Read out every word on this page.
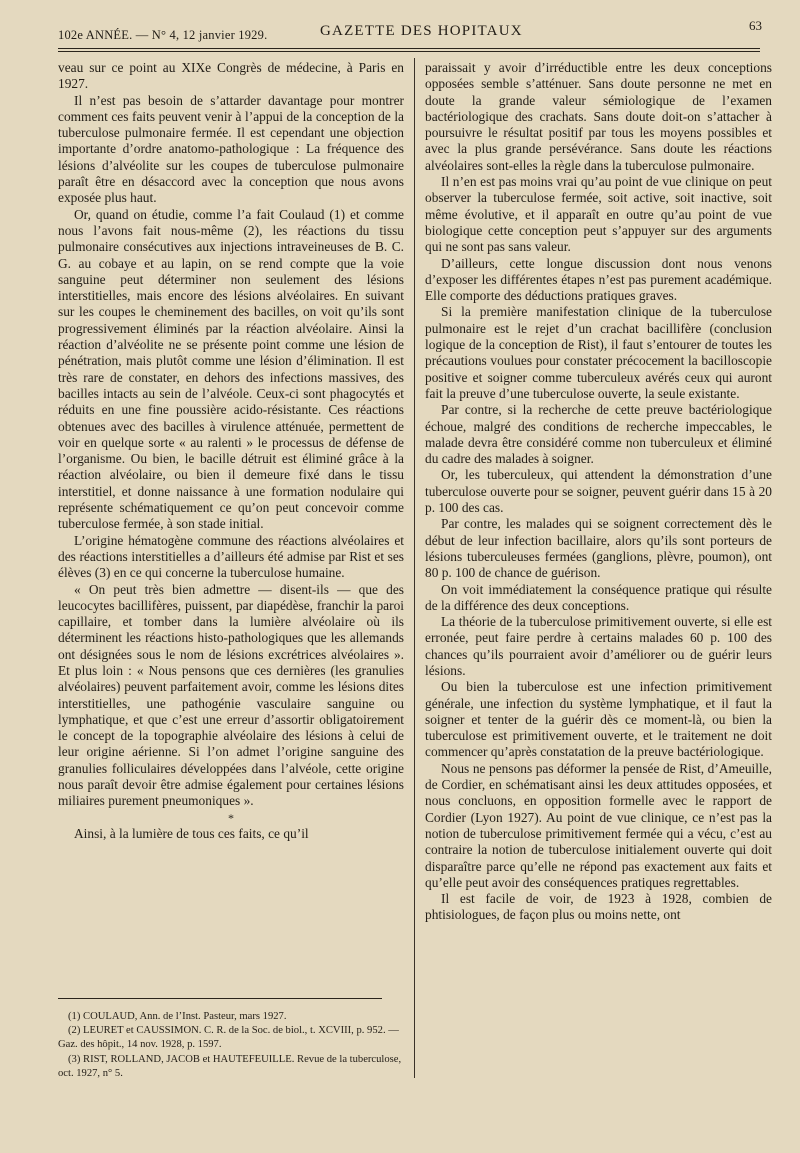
102e ANNÉE. — N° 4, 12 janvier 1929.	GAZETTE DES HOPITAUX	63

veau sur ce point au XIXe Congrès de médecine, à Paris en 1927.

Il n’est pas besoin de s’attarder davantage pour montrer comment ces faits peuvent venir à l’appui de la conception de la tuberculose pulmonaire fermée. Il est cependant une objection importante d’ordre anatomo-pathologique : La fréquence des lésions d’alvéolite sur les coupes de tuberculose pulmonaire paraît être en désaccord avec la conception que nous avons exposée plus haut.

Or, quand on étudie, comme l’a fait Coulaud (1) et comme nous l’avons fait nous-même (2), les réactions du tissu pulmonaire consécutives aux injections intraveineuses de B. C. G. au cobaye et au lapin, on se rend compte que la voie sanguine peut déterminer non seulement des lésions interstitielles, mais encore des lésions alvéolaires. En suivant sur les coupes le cheminement des bacilles, on voit qu’ils sont progressivement éliminés par la réaction alvéolaire. Ainsi la réaction d’alvéolite ne se présente point comme une lésion de pénétration, mais plutôt comme une lésion d’élimination. Il est très rare de constater, en dehors des infections massives, des bacilles intacts au sein de l’alvéole. Ceux-ci sont phagocytés et réduits en une fine poussière acido-résistante. Ces réactions obtenues avec des bacilles à virulence atténuée, permettent de voir en quelque sorte « au ralenti » le processus de défense de l’organisme. Ou bien, le bacille détruit est éliminé grâce à la réaction alvéolaire, ou bien il demeure fixé dans le tissu interstitiel, et donne naissance à une formation nodulaire qui représente schématiquement ce qu’on peut concevoir comme tuberculose fermée, à son stade initial.

L’origine hématogène commune des réactions alvéolaires et des réactions interstitielles a d’ailleurs été admise par Rist et ses élèves (3) en ce qui concerne la tuberculose humaine.

« On peut très bien admettre — disent-ils — que des leucocytes bacillifères, puissent, par diapédèse, franchir la paroi capillaire, et tomber dans la lumière alvéolaire où ils déterminent les réactions histo-pathologiques que les allemands ont désignées sous le nom de lésions excrétrices alvéolaires ». Et plus loin : « Nous pensons que ces dernières (les granulies alvéolaires) peuvent parfaitement avoir, comme les lésions dites interstitielles, une pathogénie vasculaire sanguine ou lymphatique, et que c’est une erreur d’assortir obligatoirement le concept de la topographie alvéolaire des lésions à celui de leur origine aérienne. Si l’on admet l’origine sanguine des granulies folliculaires développées dans l’alvéole, cette origine nous paraît devoir être admise également pour certaines lésions miliaires purement pneumoniques ».

*

Ainsi, à la lumière de tous ces faits, ce qu’il

paraissait y avoir d’irréductible entre les deux conceptions opposées semble s’atténuer. Sans doute personne ne met en doute la grande valeur sémiologique de l’examen bactériologique des crachats. Sans doute doit-on s’attacher à poursuivre le résultat positif par tous les moyens possibles et avec la plus grande persévérance. Sans doute les réactions alvéolaires sont-elles la règle dans la tuberculose pulmonaire.

Il n’en est pas moins vrai qu’au point de vue clinique on peut observer la tuberculose fermée, soit active, soit inactive, soit même évolutive, et il apparaît en outre qu’au point de vue biologique cette conception peut s’appuyer sur des arguments qui ne sont pas sans valeur.

D’ailleurs, cette longue discussion dont nous venons d’exposer les différentes étapes n’est pas purement académique. Elle comporte des déductions pratiques graves.

Si la première manifestation clinique de la tuberculose pulmonaire est le rejet d’un crachat bacillifère (conclusion logique de la conception de Rist), il faut s’entourer de toutes les précautions voulues pour constater précocement la bacilloscopie positive et soigner comme tuberculeux avérés ceux qui auront fait la preuve d’une tuberculose ouverte, la seule existante.

Par contre, si la recherche de cette preuve bactériologique échoue, malgré des conditions de recherche impeccables, le malade devra être considéré comme non tuberculeux et éliminé du cadre des malades à soigner.

Or, les tuberculeux, qui attendent la démonstration d’une tuberculose ouverte pour se soigner, peuvent guérir dans 15 à 20 p. 100 des cas.

Par contre, les malades qui se soignent correctement dès le début de leur infection bacillaire, alors qu’ils sont porteurs de lésions tuberculeuses fermées (ganglions, plèvre, poumon), ont 80 p. 100 de chance de guérison.

On voit immédiatement la conséquence pratique qui résulte de la différence des deux conceptions.

La théorie de la tuberculose primitivement ouverte, si elle est erronée, peut faire perdre à certains malades 60 p. 100 des chances qu’ils pourraient avoir d’améliorer ou de guérir leurs lésions.

Ou bien la tuberculose est une infection primitivement générale, une infection du système lymphatique, et il faut la soigner et tenter de la guérir dès ce moment-là, ou bien la tuberculose est primitivement ouverte, et le traitement ne doit commencer qu’après constatation de la preuve bactériologique.

Nous ne pensons pas déformer la pensée de Rist, d’Ameuille, de Cordier, en schématisant ainsi les deux attitudes opposées, et nous concluons, en opposition formelle avec le rapport de Cordier (Lyon 1927). Au point de vue clinique, ce n’est pas la notion de tuberculose primitivement fermée qui a vécu, c’est au contraire la notion de tuberculose initialement ouverte qui doit disparaître parce qu’elle ne répond pas exactement aux faits et qu’elle peut avoir des conséquences pratiques regrettables.

Il est facile de voir, de 1923 à 1928, combien de phtisiologues, de façon plus ou moins nette, ont

(1) COULAUD, Ann. de l’Inst. Pasteur, mars 1927.

(2) LEURET et CAUSSIMON. C. R. de la Soc. de biol., t. XCVIII, p. 952. — Gaz. des hôpit., 14 nov. 1928, p. 1597.

(3) RIST, ROLLAND, JACOB et HAUTEFEUILLE. Revue de la tuberculose, oct. 1927, n° 5.
